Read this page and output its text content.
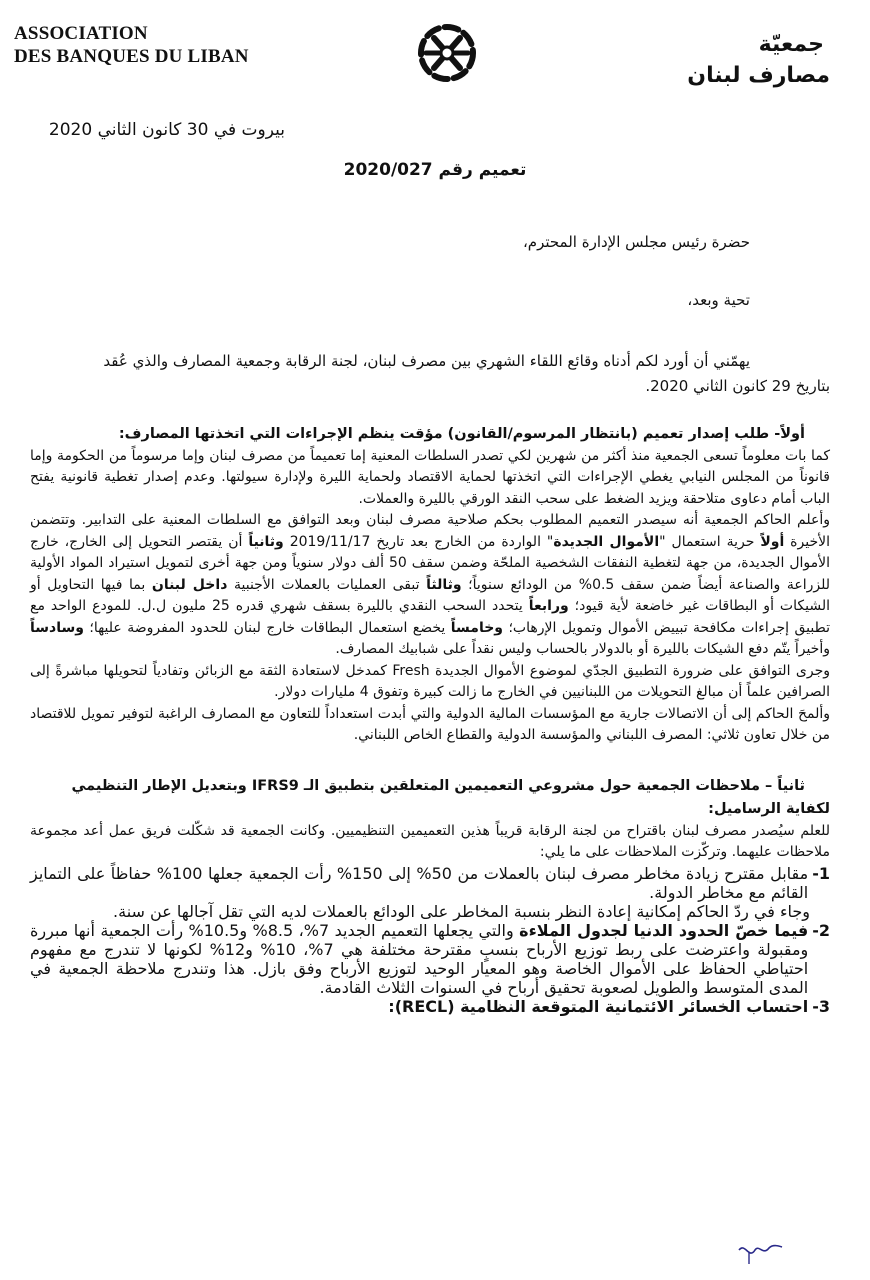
ASSOCIATION
DES BANQUES DU LIBAN	جمعيّة
مصارف لبنان
بيروت في 30 كانون الثاني 2020
تعميم رقم 2020/027

حضرة رئيس مجلس الإدارة المحترم،

تحية وبعد،

يهمّني أن أورد لكم أدناه وقائع اللقاء الشهري بين مصرف لبنان، لجنة الرقابة وجمعية المصارف والذي عُقد
بتاريخ 29 كانون الثاني 2020.

أولاً- طلب إصدار تعميم (بانتظار المرسوم/القانون) مؤقت ينظم الإجراءات التي اتخذتها المصارف:

كما بات معلوماً تسعى الجمعية منذ أكثر من شهرين لكي تصدر السلطات المعنية إما تعميماً من مصرف لبنان وإما مرسوماً من الحكومة وإما قانوناً من المجلس النيابي يغطي الإجراءات التي اتخذتها لحماية الاقتصاد ولحماية الليرة ولإدارة سيولتها. وعدم إصدار تغطية قانونية يفتح الباب أمام دعاوى متلاحقة ويزيد الضغط على سحب النقد الورقي بالليرة والعملات.

وأعلم الحاكم الجمعية أنه سيصدر التعميم المطلوب بحكم صلاحية مصرف لبنان وبعد التوافق مع السلطات المعنية على التدابير. وتتضمن الأخيرة أولاً حرية استعمال "الأموال الجديدة" الواردة من الخارج بعد تاريخ 2019/11/17 وثانياً أن يقتصر التحويل إلى الخارج، خارج الأموال الجديدة، من جهة لتغطية النفقات الشخصية الملحّة وضمن سقف 50 ألف دولار سنوياً ومن جهة أخرى لتمويل استيراد المواد الأولية للزراعة والصناعة أيضاً ضمن سقف 0.5% من الودائع سنوياً؛ وثالثاً تبقى العمليات بالعملات الأجنبية داخل لبنان بما فيها التحاويل أو الشيكات أو البطاقات غير خاضعة لأية قيود؛ ورابعاً يتحدد السحب النقدي بالليرة بسقف شهري قدره 25 مليون ل.ل. للمودع الواحد مع تطبيق إجراءات مكافحة تبييض الأموال وتمويل الإرهاب؛ وخامساً يخضع استعمال البطاقات خارج لبنان للحدود المفروضة عليها؛ وسادساً وأخيراً يتّم دفع الشيكات بالليرة أو بالدولار بالحساب وليس نقداً على شبابيك المصارف.

وجرى التوافق على ضرورة التطبيق الجدّي لموضوع الأموال الجديدة Fresh كمدخل لاستعادة الثقة مع الزبائن وتفادياً لتحويلها مباشرةً إلى الصرافين علماً أن مبالغ التحويلات من اللبنانيين في الخارج ما زالت كبيرة وتفوق 4 مليارات دولار.

وألمحَ الحاكم إلى أن الاتصالات جارية مع المؤسسات المالية الدولية والتي أبدت استعداداً للتعاون مع المصارف الراغبة لتوفير تمويل للاقتصاد من خلال تعاون ثلاثي: المصرف اللبناني والمؤسسة الدولية والقطاع الخاص اللبناني.

ثانياً – ملاحظات الجمعية حول مشروعي التعميمين المتعلقين بتطبيق الـ IFRS9 وبتعديل الإطار التنظيمي
لكفاية الرساميل:

للعلم سيُصدر مصرف لبنان باقتراح من لجنة الرقابة قريباً هذين التعميمين التنظيميين. وكانت الجمعية قد شكّلت فريق عمل أعد مجموعة ملاحظات عليهما. وتركّزت الملاحظات على ما يلي:

1-
مقابل مقترح زيادة مخاطر مصرف لبنان بالعملات من 50% إلى 150% رأت الجمعية جعلها 100% حفاظاً على التمايز القائم مع مخاطر الدولة.
وجاء في ردّ الحاكم إمكانية إعادة النظر بنسبة المخاطر على الودائع بالعملات لديه التي تقل آجالها عن سنة.
2-
فيما خصّ الحدود الدنيا لجدول الملاءة والتي يجعلها التعميم الجديد 7%، 8.5% و10.5% رأت الجمعية أنها مبررة ومقبولة واعترضت على ربط توزيع الأرباح بنسبٍ مقترحة مختلفة هي 7%، 10% و12% لكونها لا تندرج مع مفهوم احتياطي الحفاظ على الأموال الخاصة وهو المعيار الوحيد لتوزيع الأرباح وفق بازل. هذا وتندرج ملاحظة الجمعية في المدى المتوسط والطويل لصعوبة تحقيق أرباح في السنوات الثلاث القادمة.
3-
احتساب الخسائر الائتمانية المتوقعة النظامية (RECL):
